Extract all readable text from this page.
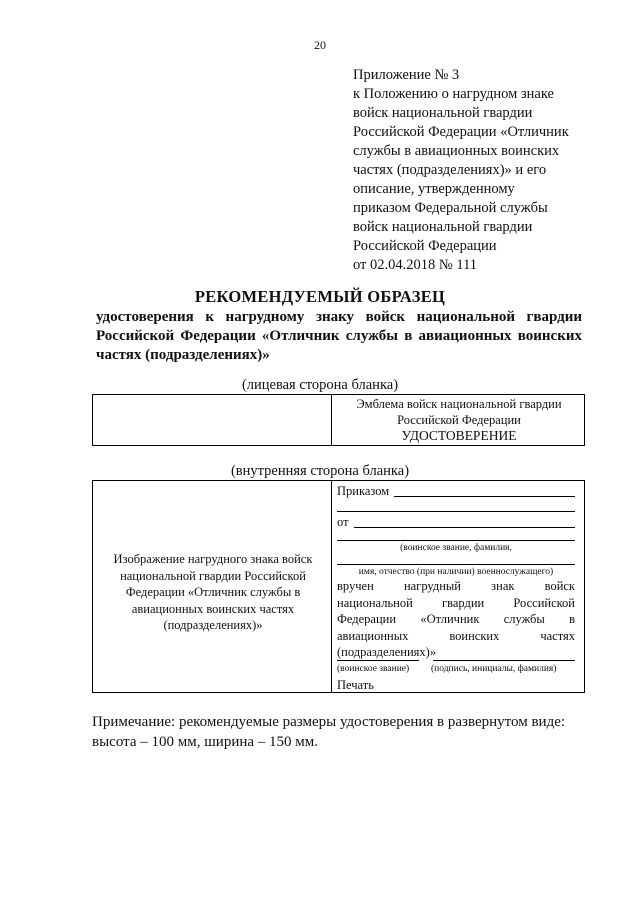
20
Приложение № 3
к Положению о нагрудном знаке
войск национальной гвардии
Российской Федерации «Отличник
службы в авиационных воинских
частях (подразделениях)» и его
описание, утвержденному
приказом Федеральной службы
войск национальной гвардии
Российской Федерации
от 02.04.2018 № 111
РЕКОМЕНДУЕМЫЙ ОБРАЗЕЦ
удостоверения к нагрудному знаку войск национальной гвардии
Российской Федерации «Отличник службы в авиационных воинских
частях (подразделениях)»
(лицевая сторона бланка)
Эмблема войск национальной гвардии
Российской Федерации
УДОСТОВЕРЕНИЕ
(внутренняя сторона бланка)
Изображение нагрудного знака войск
национальной гвардии Российской
Федерации «Отличник службы в
авиационных воинских частях
(подразделениях)»
Приказом
от
(воинское звание, фамилия,
имя, отчество (при наличии) военнослужащего)
вручен нагрудный знак войск
национальной гвардии Российской
Федерации «Отличник службы в
авиационных воинских частях
(подразделениях)»
(воинское звание) (подпись, инициалы, фамилия)
Печать
Примечание: рекомендуемые размеры удостоверения в развернутом виде: высота – 100 мм, ширина – 150 мм.
